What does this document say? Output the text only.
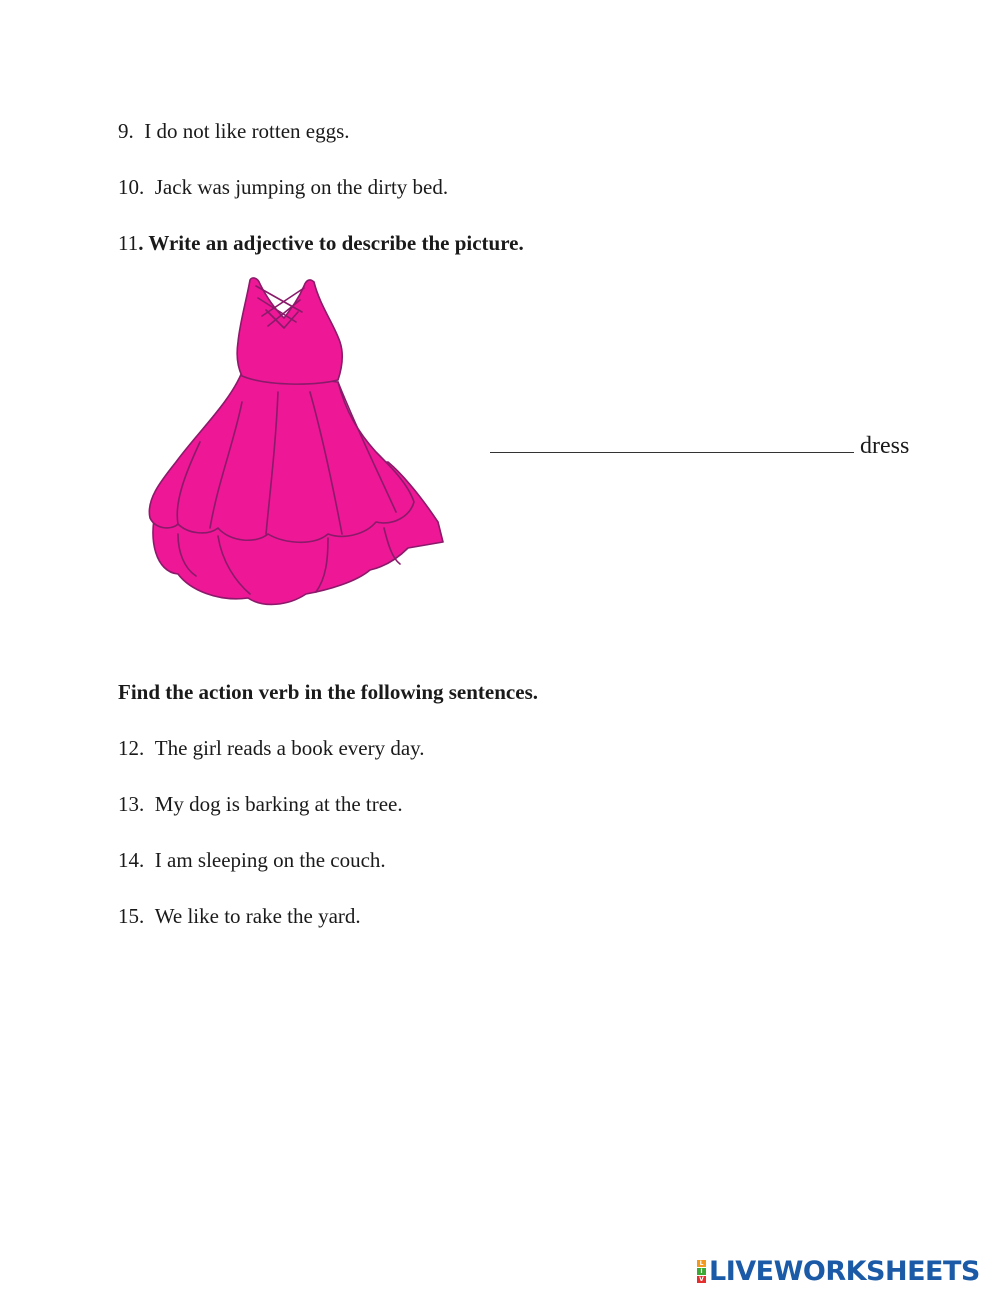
9. I do not like rotten eggs.
10. Jack was jumping on the dirty bed.
11. Write an adjective to describe the picture.
dress
Find the action verb in the following sentences.
12. The girl reads a book every day.
13. My dog is barking at the tree.
14. I am sleeping on the couch.
15. We like to rake the yard.
L
I
V LIVEWORKSHEETS
